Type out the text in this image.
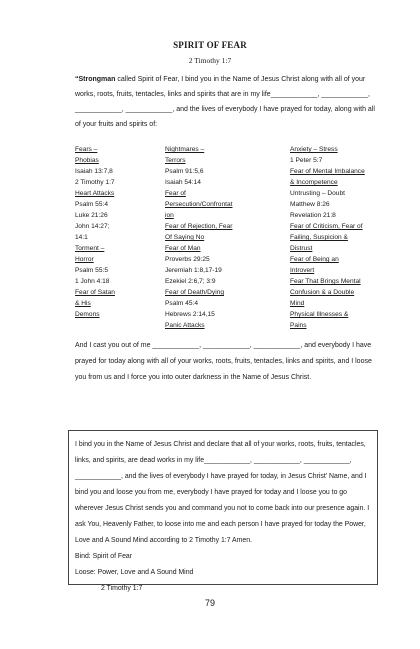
SPIRIT OF FEAR
2 Timothy 1:7
“Strongman called Spirit of Fear, I bind you in the Name of Jesus Christ along with all of your works, roots, fruits, tentacles, links and spirits that are in my life____________, ____________, ____________, ____________, and the lives of everybody I have prayed for today, along with all of your fruits and spirits of:
Fears –
Phobias
Isaiah 13:7,8
2 Timothy 1:7
Heart Attacks
Psalm 55:4
Luke 21:26
John 14:27;
14:1
Torment –
Horror
Psalm 55:5
1 John 4:18
Fear of Satan
& His
Demons
Nightmares –
Terrors
Psalm 91:5,6
Isaiah 54:14
Fear of
Persecution/Confrontat
ion
Fear of Rejection, Fear
Of Saying No
Fear of Man
Proverbs 29:25
Jeremiah 1:8,17-19
Ezekiel 2:6,7; 3:9
Fear of Death/Dying
Psalm 45:4
Hebrews 2:14,15
Panic Attacks
Anxiety – Stress
1 Peter 5:7
Fear of Mental Imbalance
& Incompetence
Untrusting – Doubt
Matthew 8:26
Revelation 21:8
Fear of Criticism, Fear of
Failing, Suspicion &
Distrust
Fear of Being an
Introvert
Fear That Brings Mental
Confusion & a Double
Mind
Physical Illnesses &
Pains
And I cast you out of me ____________, ____________, ____________, and everybody I have prayed for today along with all of your works, roots, fruits, tentacles, links and spirits, and I loose you from us and I force you into outer darkness in the Name of Jesus Christ.
I bind you in the Name of Jesus Christ and declare that all of your works, roots, fruits, tentacles, links, and spirits, are dead works in my life____________, ____________, ____________, ____________, and the lives of everybody I have prayed for today, in Jesus Christ’ Name, and I bind you and loose you from me, everybody I have prayed for today and I loose you to go wherever Jesus Christ sends you and command you not to come back into our presence again. I ask You, Heavenly Father, to loose into me and each person I have prayed for today the Power, Love and A Sound Mind according to 2 Timothy 1:7 Amen.
Bind: Spirit of Fear
Loose: Power, Love and A Sound Mind
2 Timothy 1:7
79
